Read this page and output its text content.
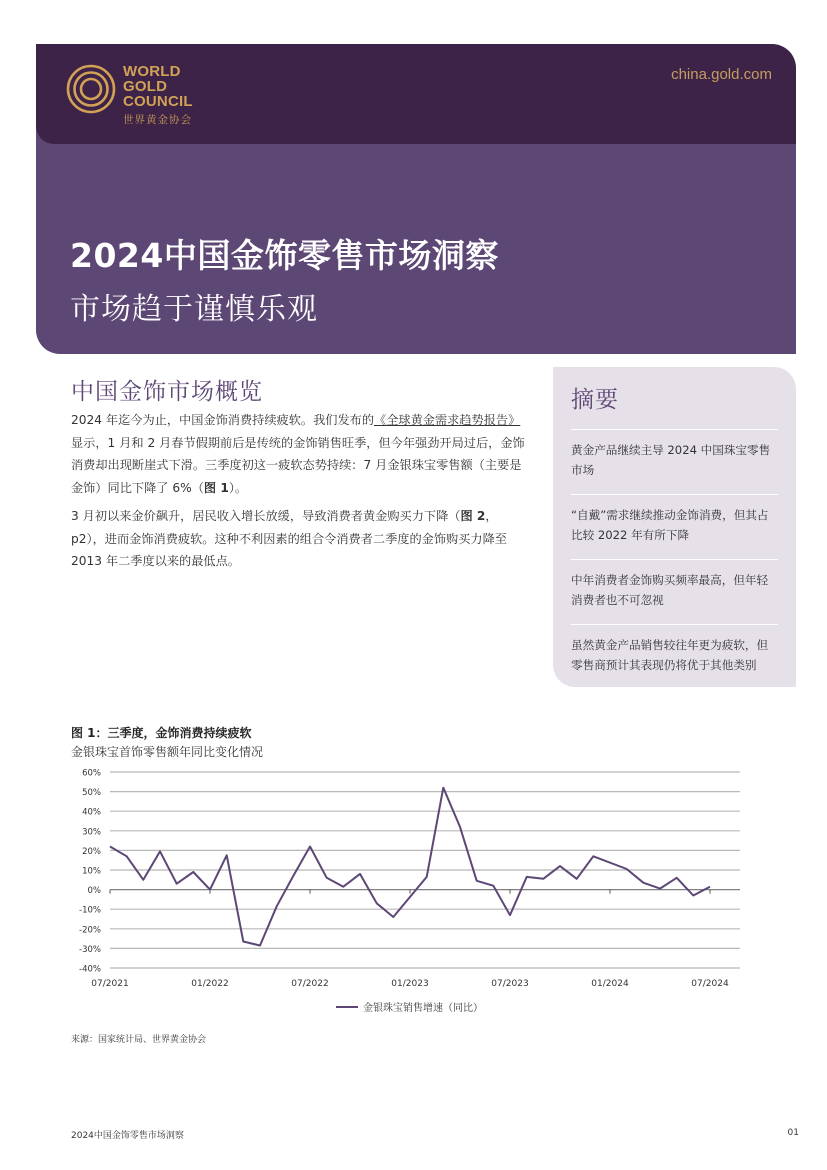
WORLD
GOLD
COUNCIL
世界黄金协会
china.gold.com
2024中国金饰零售市场洞察
市场趋于谨慎乐观
中国金饰市场概览

2024 年迄今为止，中国金饰消费持续疲软。我们发布的《全球黄金需求趋势报告》显示，1 月和 2 月春节假期前后是传统的金饰销售旺季，但今年强劲开局过后，金饰消费却出现断崖式下滑。三季度初这一疲软态势持续：7 月金银珠宝零售额（主要是金饰）同比下降了 6%（图 1）。

3 月初以来金价飙升，居民收入增长放缓，导致消费者黄金购买力下降（图 2，p2），进而金饰消费疲软。这种不利因素的组合令消费者二季度的金饰购买力降至 2013 年二季度以来的最低点。

摘要
黄金产品继续主导 2024 中国珠宝零售市场
“自戴”需求继续推动金饰消费，但其占比较 2022 年有所下降
中年消费者金饰购买频率最高，但年轻消费者也不可忽视
虽然黄金产品销售较往年更为疲软，但零售商预计其表现仍将优于其他类别
图 1：三季度，金饰消费持续疲软
金银珠宝首饰零售额年同比变化情况
60%
50%
40%
30%
20%
10%
0%
-10%
-20%
-30%
-40%
07/2021	01/2022	07/2022	01/2023	07/2023	01/2024	07/2024
金银珠宝销售增速（同比）
来源：国家统计局、世界黄金协会
2024中国金饰零售市场洞察	01
